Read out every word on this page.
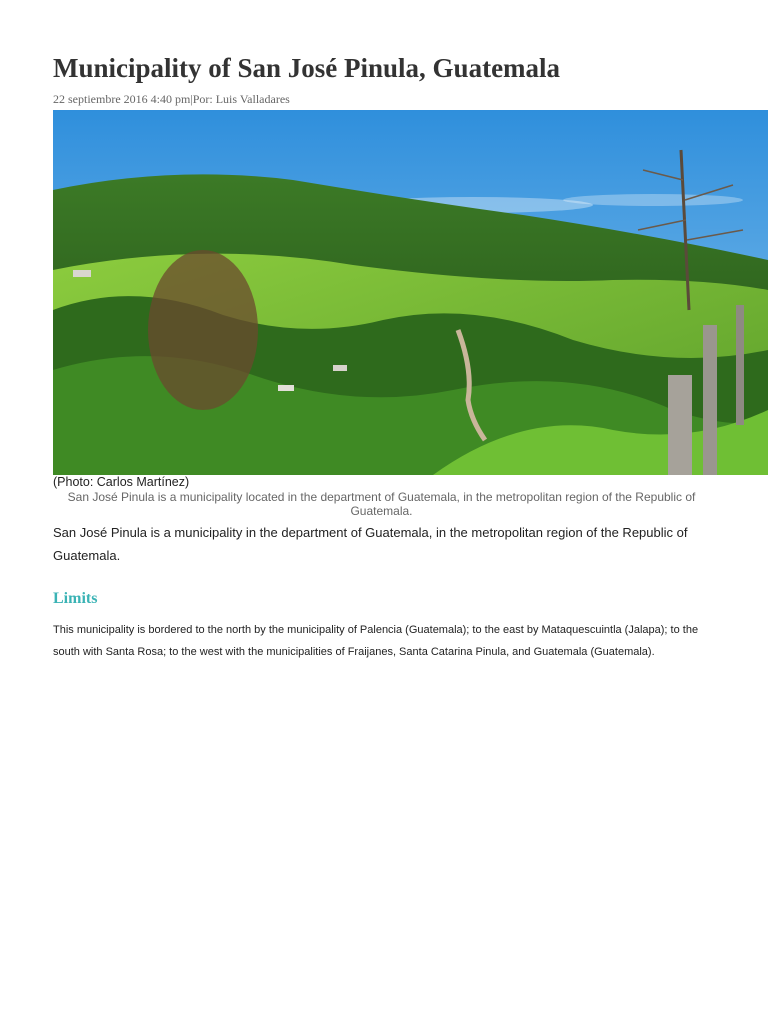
Municipality of San José Pinula, Guatemala
22 septiembre 2016 4:40 pm|Por: Luis Valladares
(Photo: Carlos Martínez)
San José Pinula is a municipality located in the department of Guatemala, in the metropolitan region of the Republic of Guatemala.

San José Pinula is a municipality in the department of Guatemala, in the metropolitan region of the Republic of Guatemala.

Limits

This municipality is bordered to the north by the municipality of Palencia (Guatemala); to the east by Mataquescuintla (Jalapa); to the south with Santa Rosa; to the west with the municipalities of Fraijanes, Santa Catarina Pinula, and Guatemala (Guatemala).
